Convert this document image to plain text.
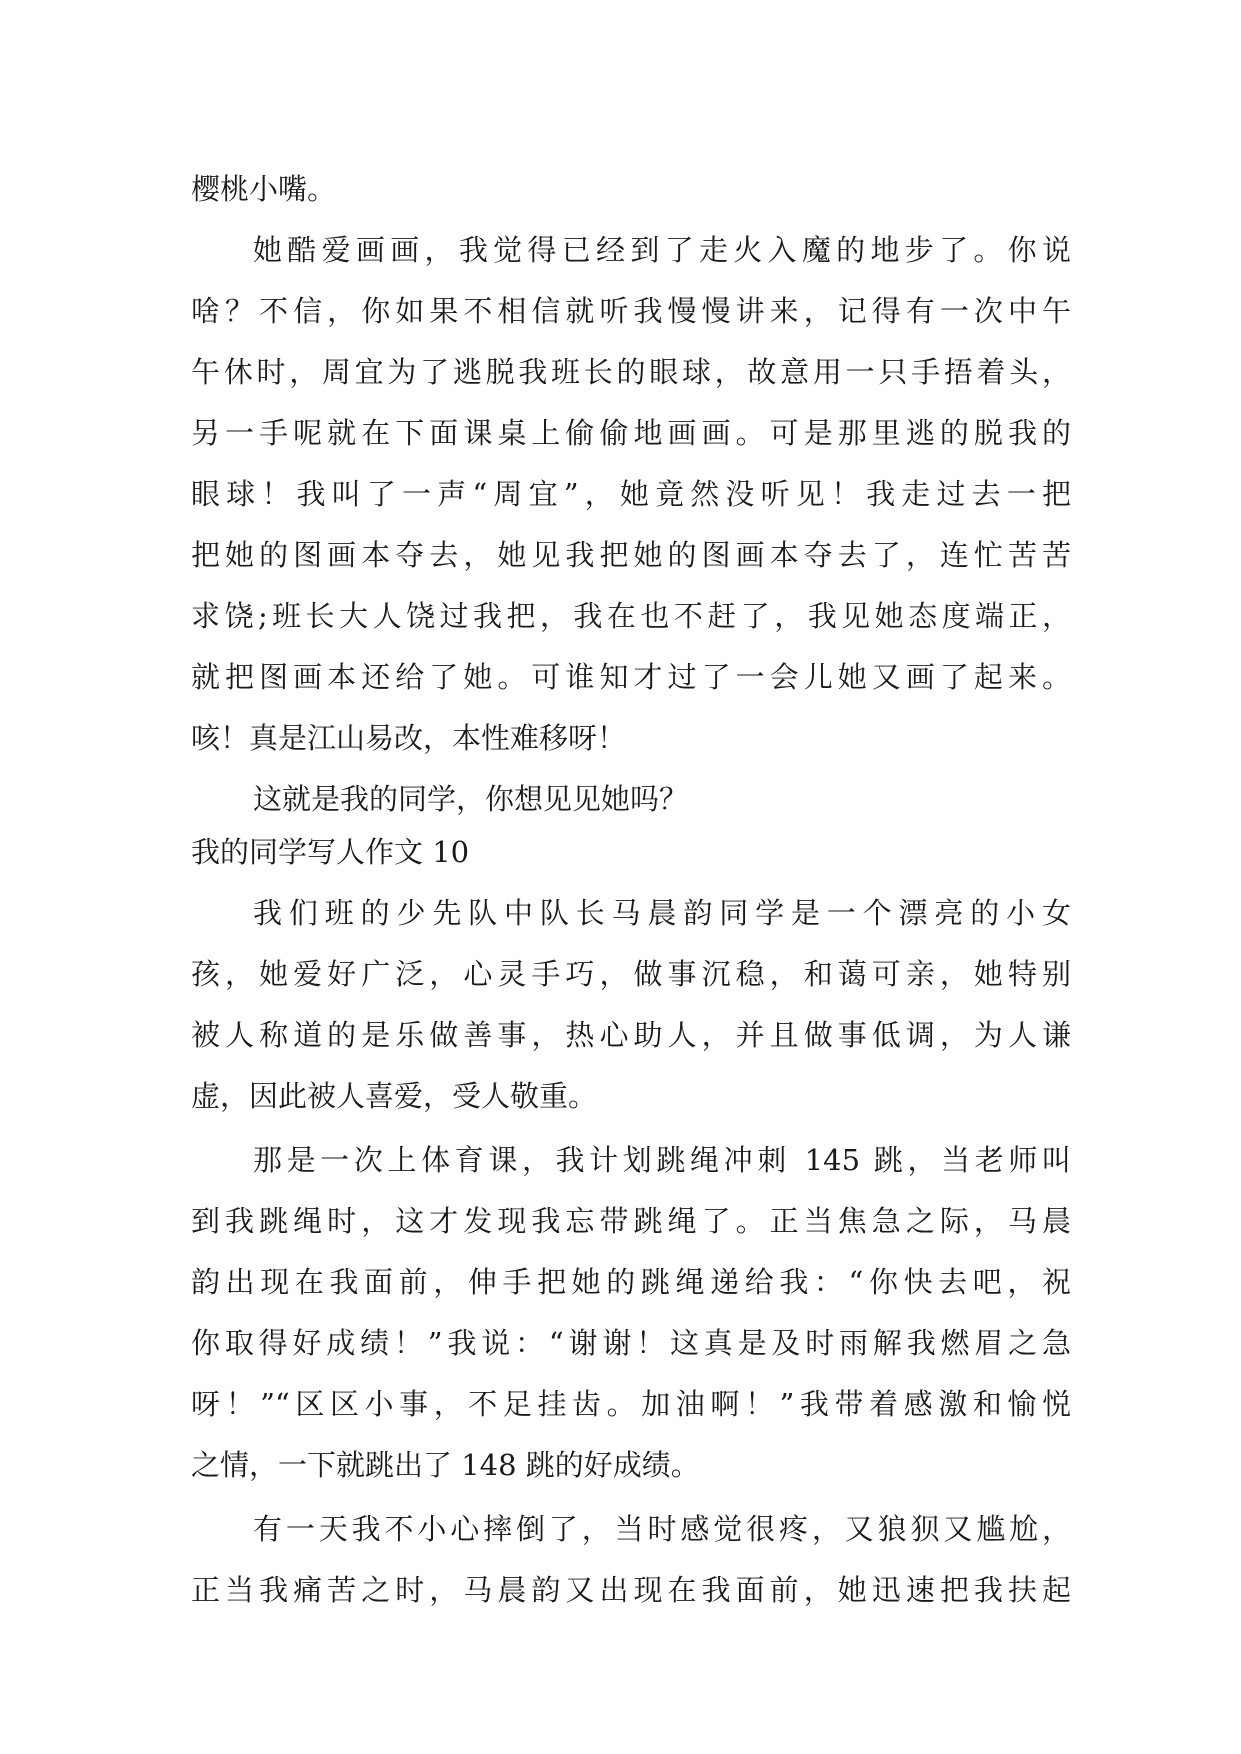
樱桃小嘴。
她酷爱画画，我觉得已经到了走火入魔的地步了。你说
啥？不信，你如果不相信就听我慢慢讲来，记得有一次中午
午休时，周宜为了逃脱我班长的眼球，故意用一只手捂着头，
另一手呢就在下面课桌上偷偷地画画。可是那里逃的脱我的
眼球！我叫了一声“周宜”，她竟然没听见！我走过去一把
把她的图画本夺去，她见我把她的图画本夺去了，连忙苦苦
求饶;班长大人饶过我把，我在也不赶了，我见她态度端正，
就把图画本还给了她。可谁知才过了一会儿她又画了起来。
咳！真是江山易改，本性难移呀！
这就是我的同学，你想见见她吗？
我的同学写人作文 10
我们班的少先队中队长马晨韵同学是一个漂亮的小女
孩，她爱好广泛，心灵手巧，做事沉稳，和蔼可亲，她特别
被人称道的是乐做善事，热心助人，并且做事低调，为人谦
虚，因此被人喜爱，受人敬重。
那是一次上体育课，我计划跳绳冲刺 145 跳，当老师叫
到我跳绳时，这才发现我忘带跳绳了。正当焦急之际，马晨
韵出现在我面前，伸手把她的跳绳递给我：“你快去吧，祝
你取得好成绩！”我说：“谢谢！这真是及时雨解我燃眉之急
呀！”“区区小事，不足挂齿。加油啊！”我带着感激和愉悦
之情，一下就跳出了 148 跳的好成绩。
有一天我不小心摔倒了，当时感觉很疼，又狼狈又尴尬，
正当我痛苦之时，马晨韵又出现在我面前，她迅速把我扶起
